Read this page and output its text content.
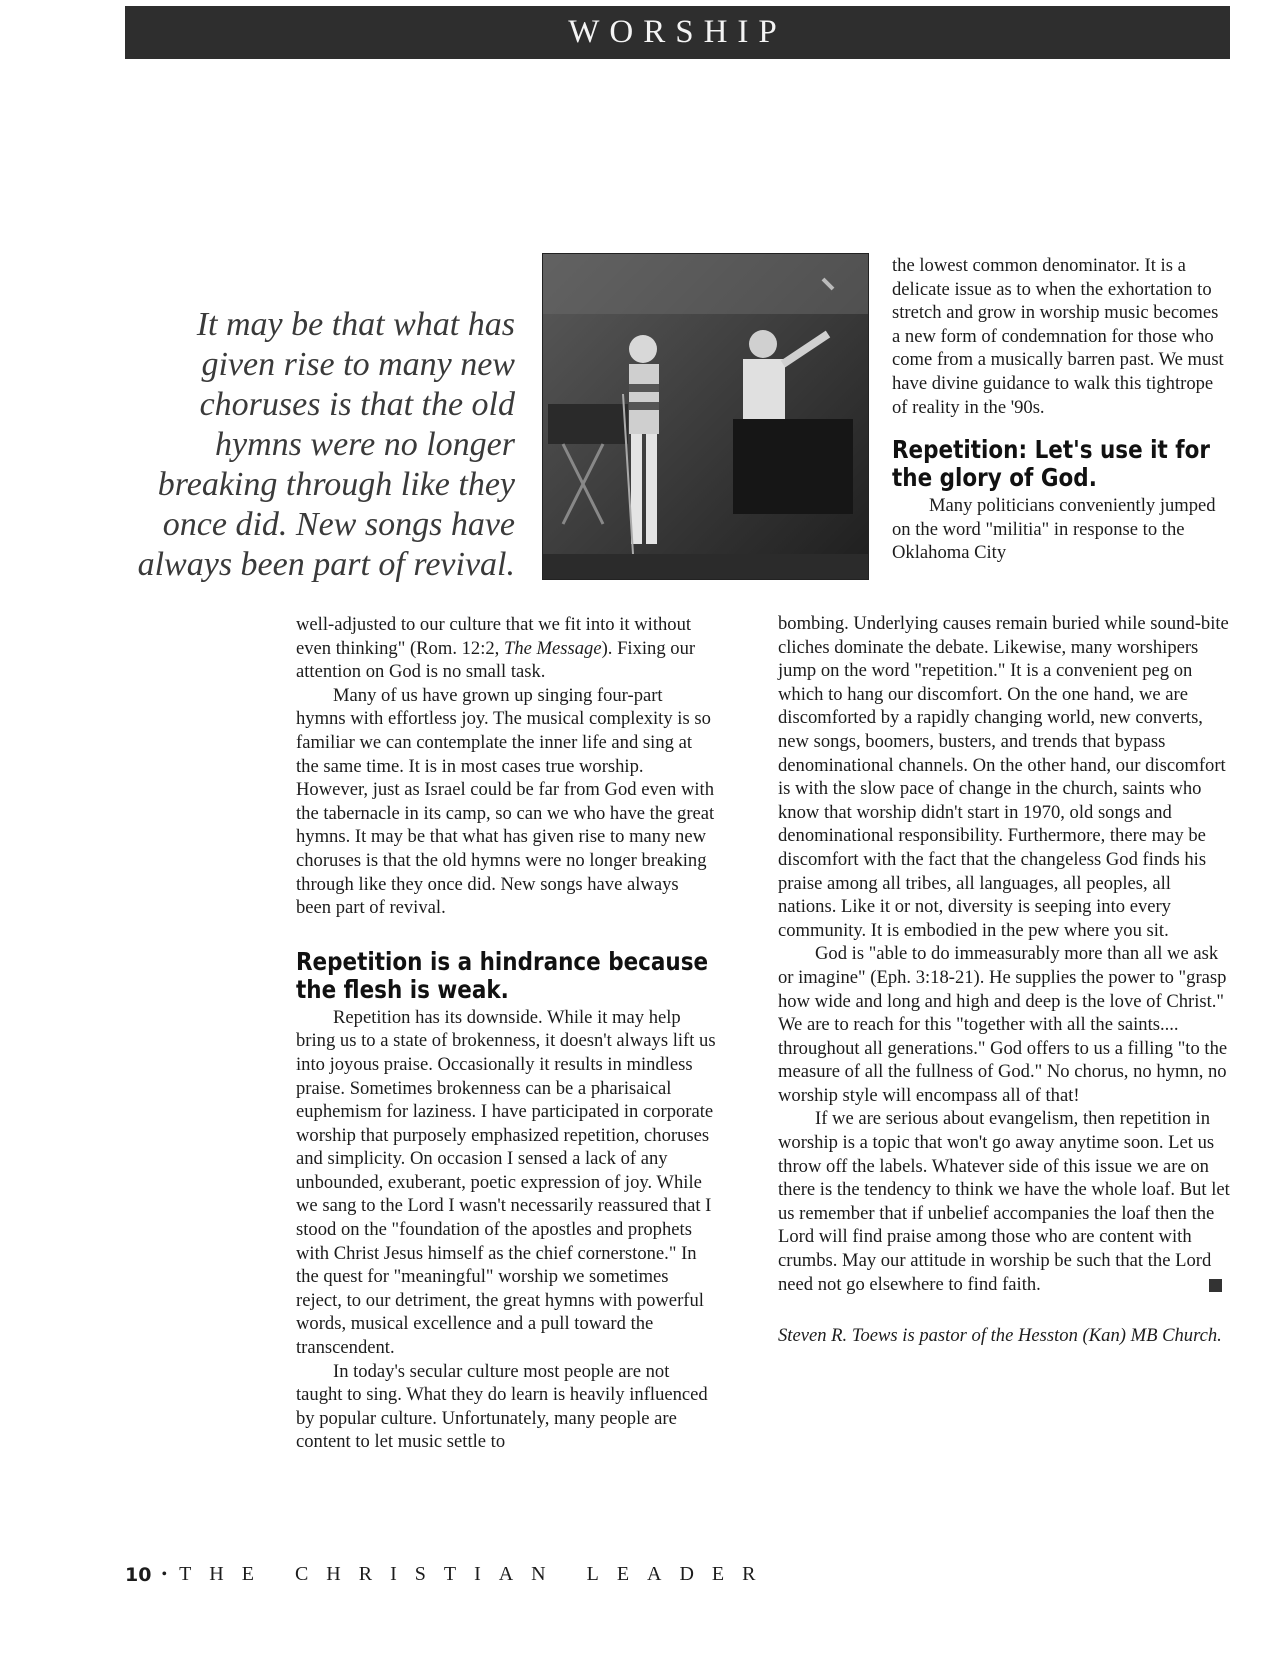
WORSHIP
It may be that what has given rise to many new choruses is that the old hymns were no longer breaking through like they once did. New songs have always been part of revival.

the lowest common denominator. It is a delicate issue as to when the exhortation to stretch and grow in worship music becomes a new form of condemnation for those who come from a musically barren past. We must have divine guidance to walk this tightrope of reality in the '90s.

Repetition: Let's use it for the glory of God.

Many politicians conveniently jumped on the word "militia" in response to the Oklahoma City

well-adjusted to our culture that we fit into it without even thinking" (Rom. 12:2, The Message). Fixing our attention on God is no small task.

Many of us have grown up singing four-part hymns with effortless joy. The musical complexity is so familiar we can contemplate the inner life and sing at the same time. It is in most cases true worship. However, just as Israel could be far from God even with the tabernacle in its camp, so can we who have the great hymns. It may be that what has given rise to many new choruses is that the old hymns were no longer breaking through like they once did. New songs have always been part of revival.

Repetition is a hindrance because the flesh is weak.

Repetition has its downside. While it may help bring us to a state of brokenness, it doesn't always lift us into joyous praise. Occasionally it results in mindless praise. Sometimes brokenness can be a pharisaical euphemism for laziness. I have participated in corporate worship that purposely emphasized repetition, choruses and simplicity. On occasion I sensed a lack of any unbounded, exuberant, poetic expression of joy. While we sang to the Lord I wasn't necessarily reassured that I stood on the "foundation of the apostles and prophets with Christ Jesus himself as the chief cornerstone." In the quest for "meaningful" worship we sometimes reject, to our detriment, the great hymns with powerful words, musical excellence and a pull toward the transcendent.

In today's secular culture most people are not taught to sing. What they do learn is heavily influenced by popular culture. Unfortunately, many people are content to let music settle to

bombing. Underlying causes remain buried while sound-bite cliches dominate the debate. Likewise, many worshipers jump on the word "repetition." It is a convenient peg on which to hang our discomfort. On the one hand, we are discomforted by a rapidly changing world, new converts, new songs, boomers, busters, and trends that bypass denominational channels. On the other hand, our discomfort is with the slow pace of change in the church, saints who know that worship didn't start in 1970, old songs and denominational responsibility. Furthermore, there may be discomfort with the fact that the changeless God finds his praise among all tribes, all languages, all peoples, all nations. Like it or not, diversity is seeping into every community. It is embodied in the pew where you sit.

God is "able to do immeasurably more than all we ask or imagine" (Eph. 3:18-21). He supplies the power to "grasp how wide and long and high and deep is the love of Christ." We are to reach for this "together with all the saints.... throughout all generations." God offers to us a filling "to the measure of all the fullness of God." No chorus, no hymn, no worship style will encompass all of that!

If we are serious about evangelism, then repetition in worship is a topic that won't go away anytime soon. Let us throw off the labels. Whatever side of this issue we are on there is the tendency to think we have the whole loaf. But let us remember that if unbelief accompanies the loaf then the Lord will find praise among those who are content with crumbs. May our attitude in worship be such that the Lord need not go elsewhere to find faith.

Steven R. Toews is pastor of the Hesston (Kan) MB Church.

10 • THE CHRISTIAN LEADER
